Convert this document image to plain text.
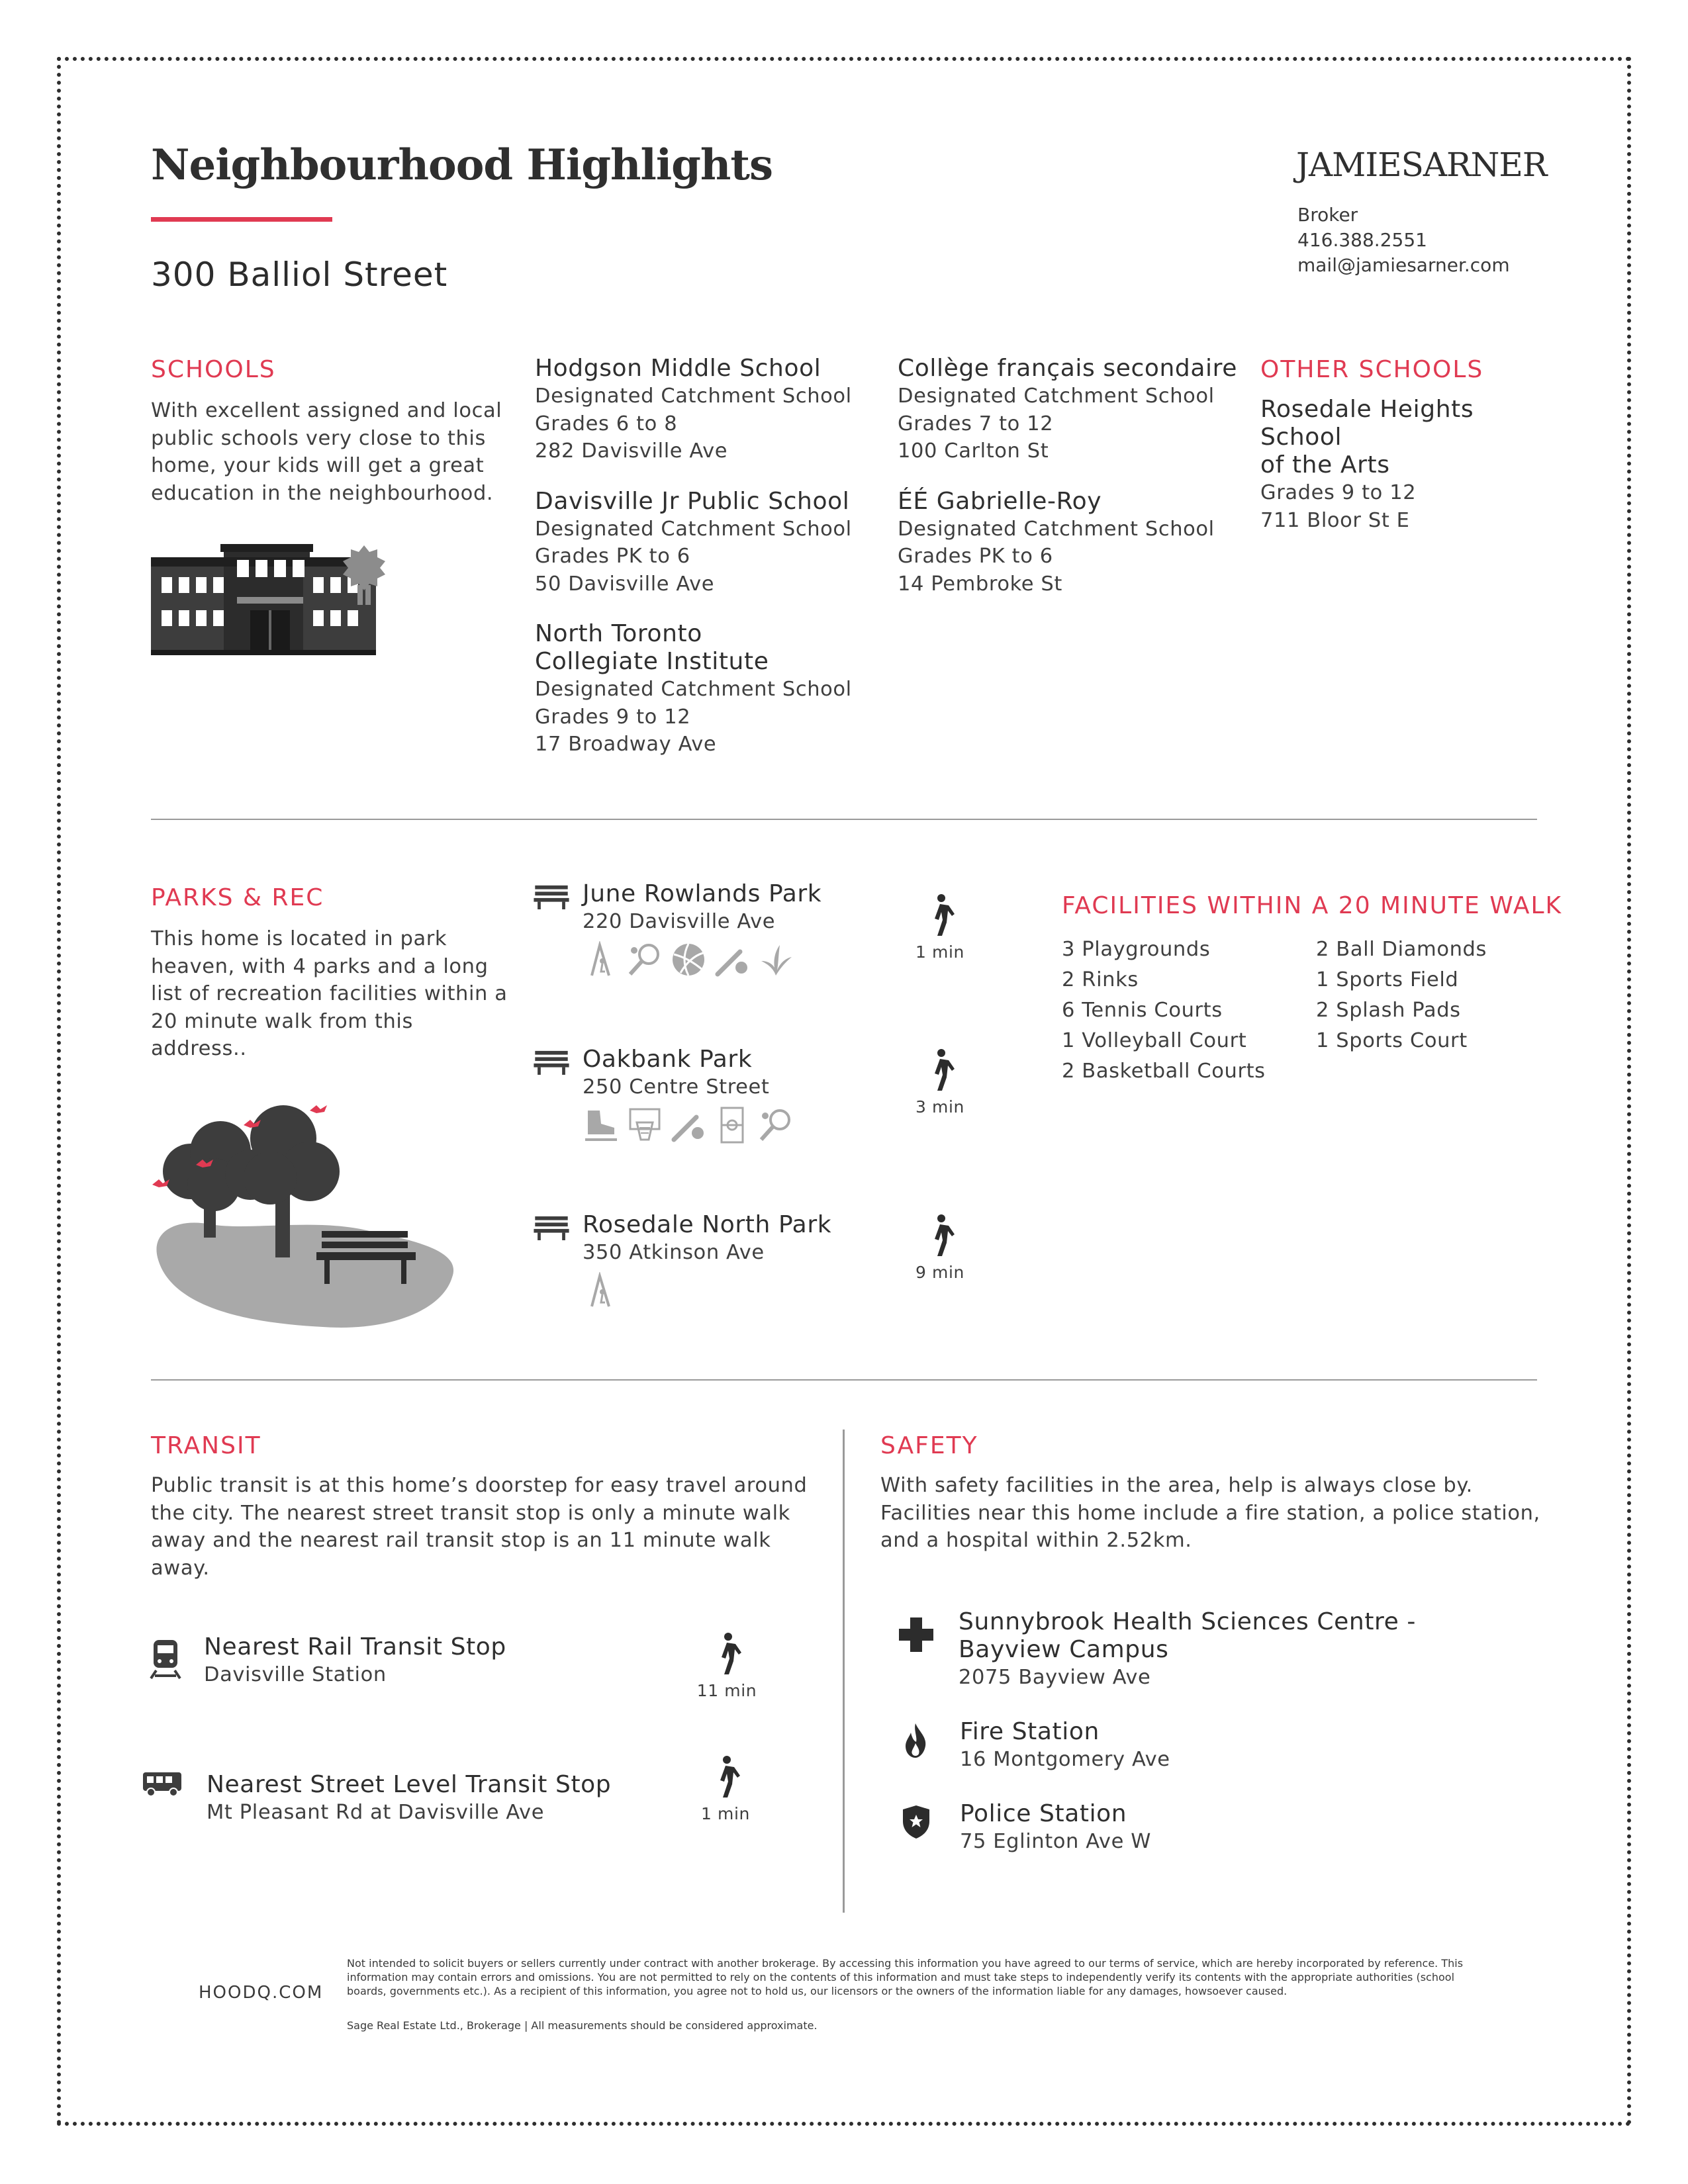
Neighbourhood Highlights
300 Balliol Street
JAMIESARNER
Broker
416.388.2551
mail@jamiesarner.com
SCHOOLS
With excellent assigned and local public schools very close to this home, your kids will get a great education in the neighbourhood.
Hodgson Middle School
Designated Catchment School
Grades 6 to 8
282 Davisville Ave
Davisville Jr Public School
Designated Catchment School
Grades PK to 6
50 Davisville Ave
North Toronto
Collegiate Institute
Designated Catchment School
Grades 9 to 12
17 Broadway Ave
Collège français secondaire
Designated Catchment School
Grades 7 to 12
100 Carlton St
ÉÉ Gabrielle-Roy
Designated Catchment School
Grades PK to 6
14 Pembroke St
OTHER SCHOOLS
Rosedale Heights School
of the Arts
Grades 9 to 12
711 Bloor St E
PARKS & REC
This home is located in park heaven, with 4 parks and a long list of recreation facilities within a 20 minute walk from this address..
June Rowlands Park
220 Davisville Ave
1 min
Oakbank Park
250 Centre Street
3 min
Rosedale North Park
350 Atkinson Ave
9 min
FACILITIES WITHIN A 20 MINUTE WALK
3 Playgrounds
2 Rinks
6 Tennis Courts
1 Volleyball Court
2 Basketball Courts
2 Ball Diamonds
1 Sports Field
2 Splash Pads
1 Sports Court
TRANSIT
Public transit is at this home’s doorstep for easy travel around the city. The nearest street transit stop is only a minute walk away and the nearest rail transit stop is an 11 minute walk away.
Nearest Rail Transit Stop
Davisville Station
11 min
Nearest Street Level Transit Stop
Mt Pleasant Rd at Davisville Ave	1 min
SAFETY
With safety facilities in the area, help is always close by. Facilities near this home include a fire station, a police station, and a hospital within 2.52km.
Sunnybrook Health Sciences Centre -
Bayview Campus
2075 Bayview Ave
Fire Station
16 Montgomery Ave
Police Station
75 Eglinton Ave W
HOODQ.COM
Not intended to solicit buyers or sellers currently under contract with another brokerage. By accessing this information you have agreed to our terms of service, which are hereby incorporated by reference. This information may contain errors and omissions. You are not permitted to rely on the contents of this information and must take steps to independently verify its contents with the appropriate authorities (school boards, governments etc.). As a recipient of this information, you agree not to hold us, our licensors or the owners of the information liable for any damages, howsoever caused.
Sage Real Estate Ltd., Brokerage | All measurements should be considered approximate.
